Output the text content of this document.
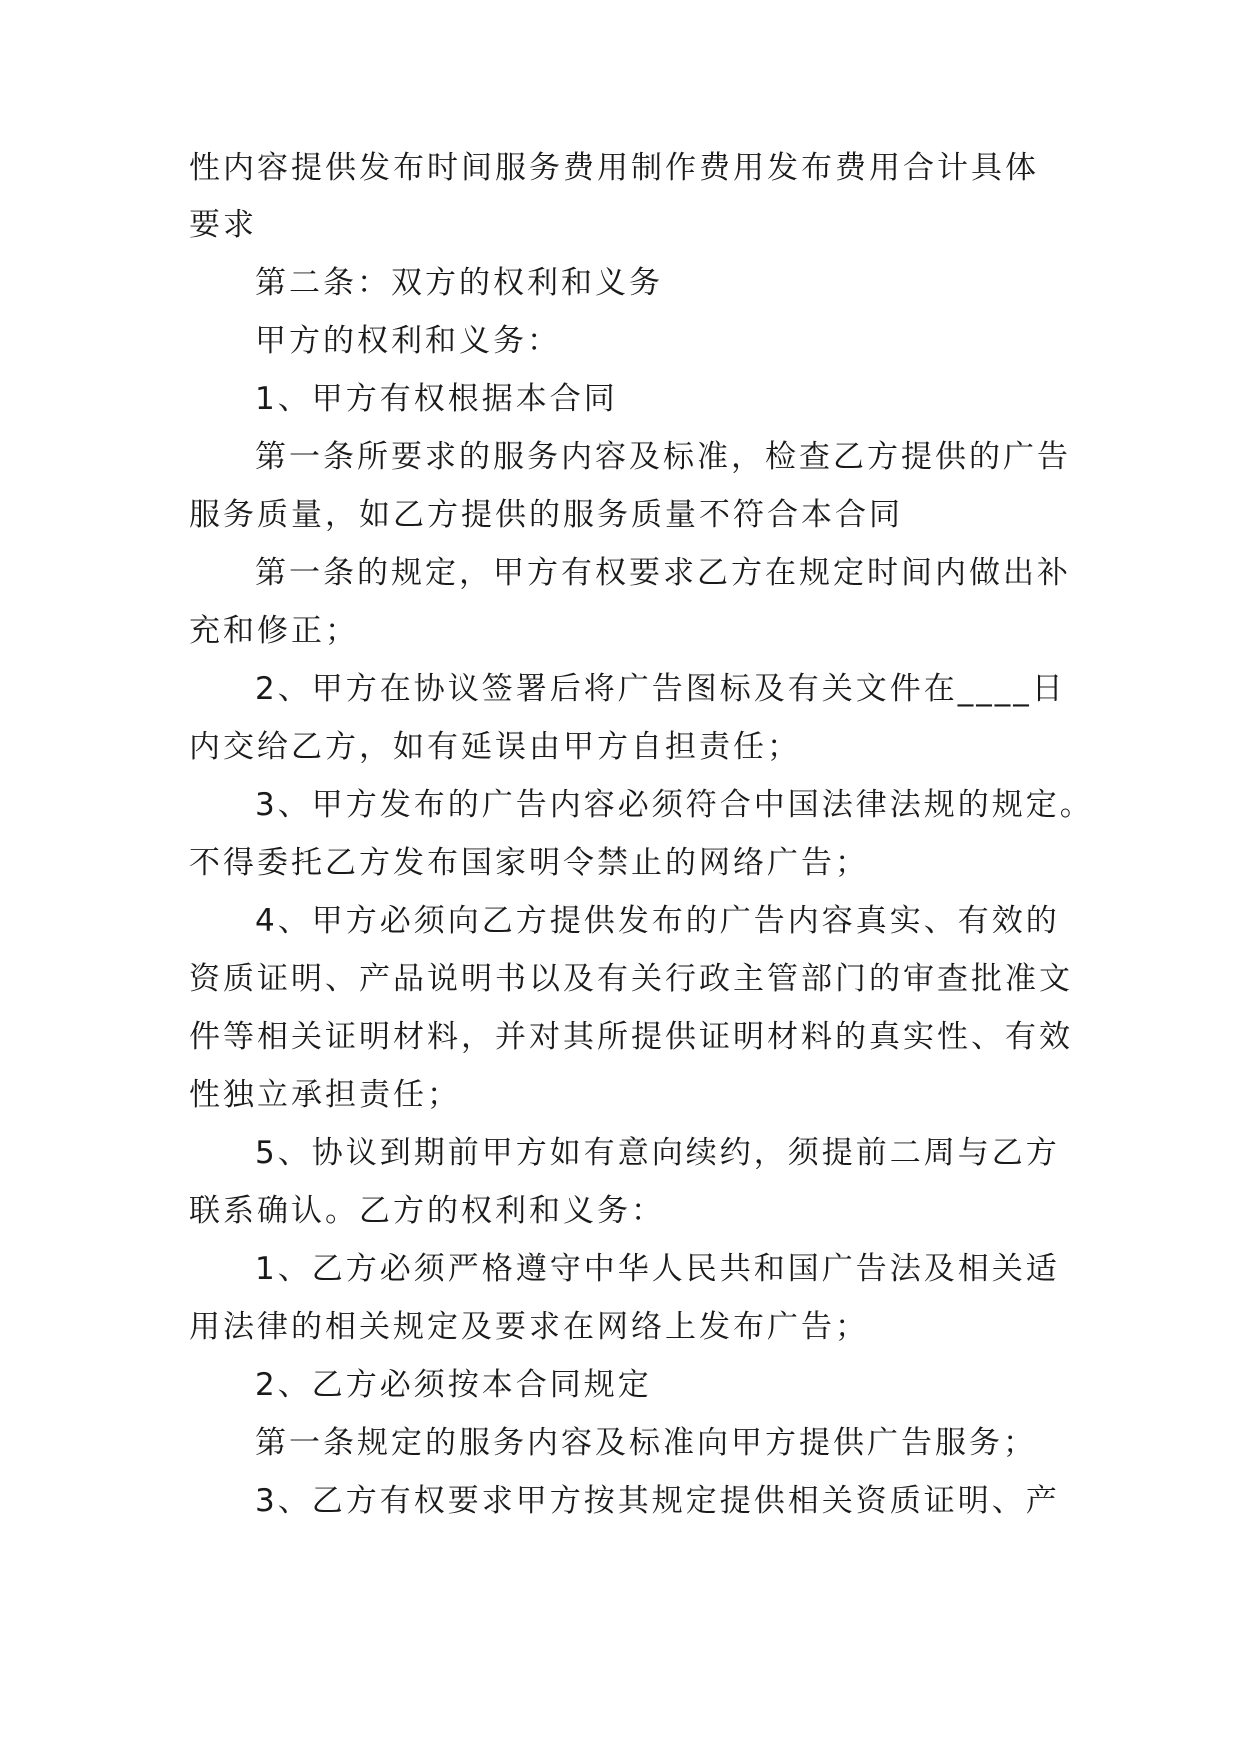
性内容提供发布时间服务费用制作费用发布费用合计具体
要求
第二条：双方的权利和义务
甲方的权利和义务：
1、甲方有权根据本合同
第一条所要求的服务内容及标准，检查乙方提供的广告
服务质量，如乙方提供的服务质量不符合本合同
第一条的规定，甲方有权要求乙方在规定时间内做出补
充和修正；
2、甲方在协议签署后将广告图标及有关文件在____日
内交给乙方，如有延误由甲方自担责任；
3、甲方发布的广告内容必须符合中国法律法规的规定。
不得委托乙方发布国家明令禁止的网络广告；
4、甲方必须向乙方提供发布的广告内容真实、有效的
资质证明、产品说明书以及有关行政主管部门的审查批准文
件等相关证明材料，并对其所提供证明材料的真实性、有效
性独立承担责任；
5、协议到期前甲方如有意向续约，须提前二周与乙方
联系确认。乙方的权利和义务：
1、乙方必须严格遵守中华人民共和国广告法及相关适
用法律的相关规定及要求在网络上发布广告；
2、乙方必须按本合同规定
第一条规定的服务内容及标准向甲方提供广告服务；
3、乙方有权要求甲方按其规定提供相关资质证明、产
